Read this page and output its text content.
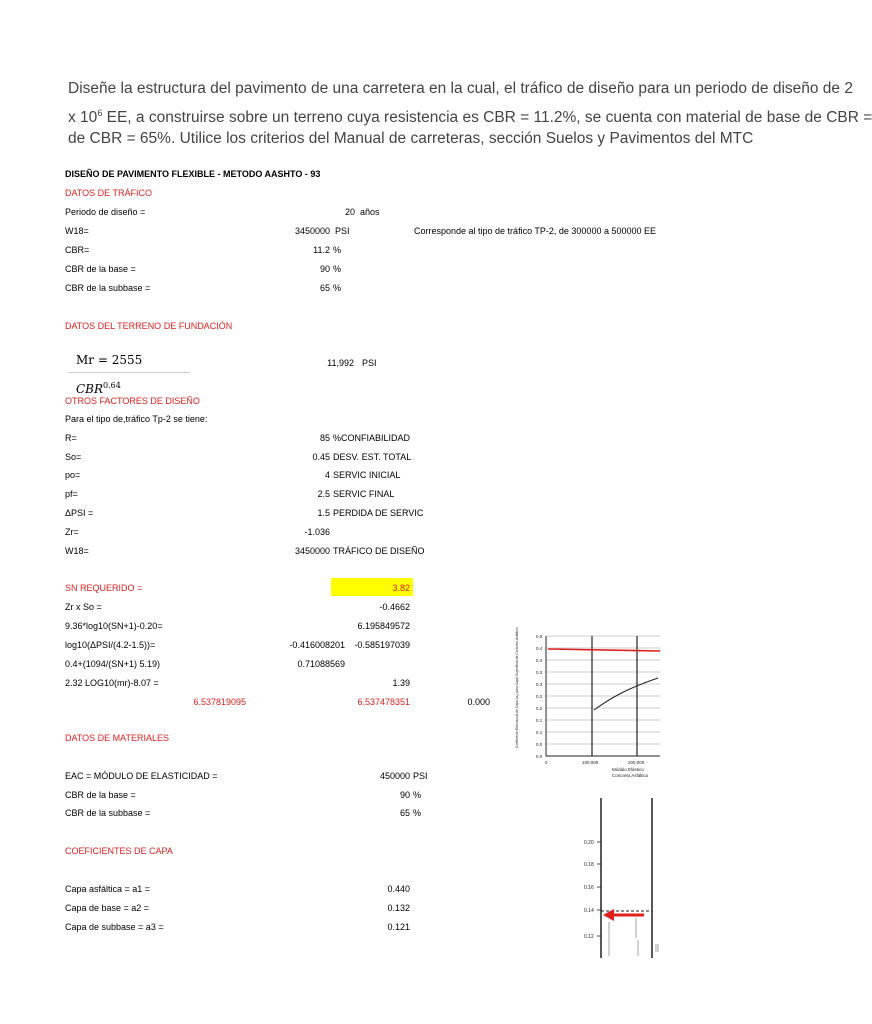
Diseñe la estructura del pavimento de una carretera en la cual, el tráfico de diseño para un periodo de diseño de 2
x $10^6$ EE, a construirse sobre un terreno cuya resistencia es CBR = 11.2%, se cuenta con material de base de CBR =
de CBR = 65%. Utilice los criterios del Manual de carreteras, sección Suelos y Pavimentos del MTC
DISEÑO DE PAVIMENTO FLEXIBLE - METODO AASHTO - 93
DATOS DE TRÁFICO
Periodo de diseño =	20 años
W18=	3450000 PSI	Corresponde al tipo de tráfico TP-2, de 300000 a 500000 EE
CBR=	11.2 %
CBR de la base =	90 %
CBR de la subbase =	65 %
DATOS DEL TERRENO DE FUNDACIÓN
Mr = 2555 $CBR^{0.64}$
11,992 PSI
OTROS FACTORES DE DISEÑO
Para el tipo de,tráfico Tp-2 se tiene:
R=	85 %CONFIABILIDAD
So=	0.45 DESV. EST. TOTAL
po=	4 SERVIC INICIAL
pf=	2.5 SERVIC FINAL
ΔPSI =	1.5 PERDIDA DE SERVIC
Zr=	-1.036
W18=	3450000 TRÁFICO DE DISEÑO
SN REQUERIDO =	3.82
Zr x So =	-0.4662
9.36*log10(SN+1)-0.20=	6.195849572
log10(ΔPSI/(4.2-1.5))=	-0.416008201	-0.585197039
0.4+(1094/(SN+1) 5.19)	0.71088569
2.32 LOG10(mr)-8.07 =	1.39
6.537819095	6.537478351	0.000
DATOS DE MATERIALES
EAC = MÓDULO DE ELASTICIDAD =	450000 PSI
CBR de la base =	90 %
CBR de la subbase =	65 %
COEFICIENTES DE CAPA
Capa asfáltica = a1 =	0.440
Capa de base = a2 =	0.132
Capa de subbase = a3 =	0.121
0.5
0.4
0.4
0.3
0.3
0.2
0.2
0.1
0.1
0.0
0.0
0	100,000	200,000
Módulo Elástico
Concreto Asfáltico
Coeficiente Estructural de Capa (a₁) para Capa Superficial de Concreto Asfáltico
0.20
0.18
0.16
0.14
0.12
